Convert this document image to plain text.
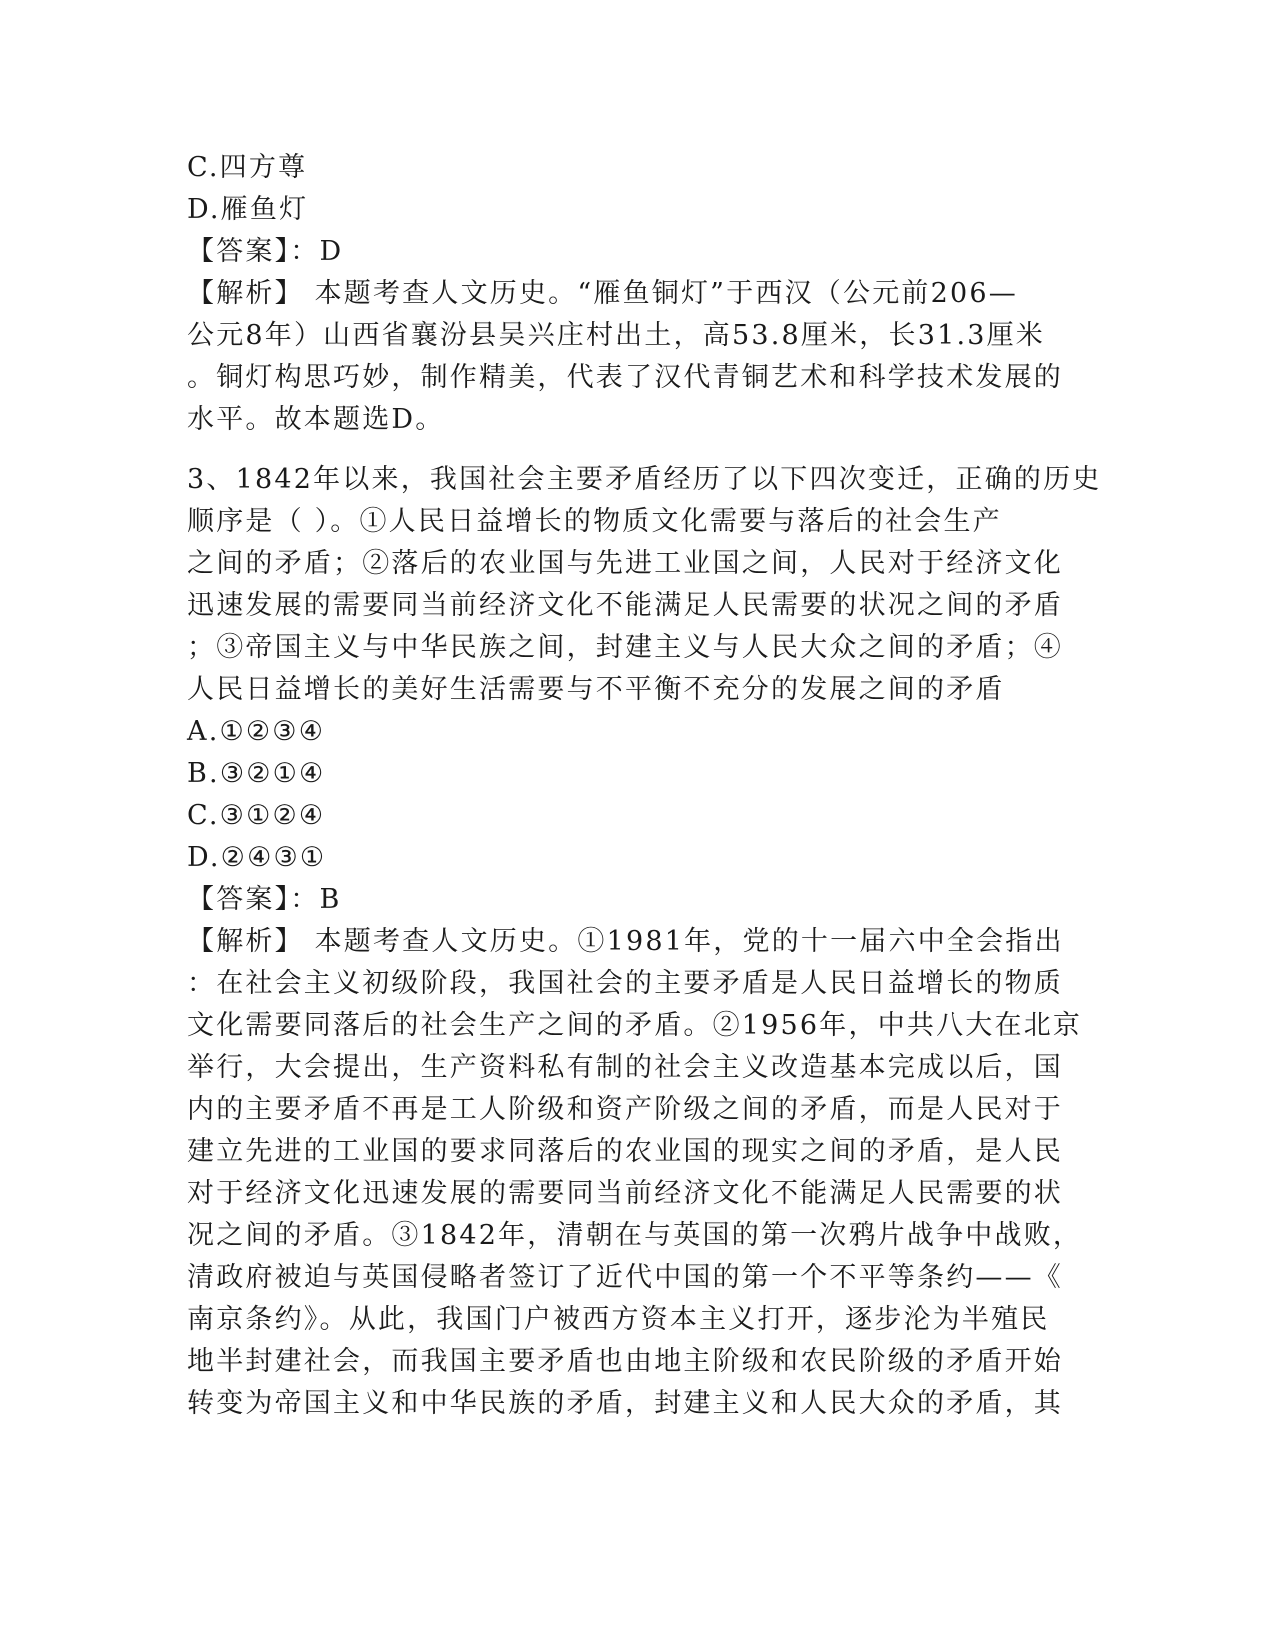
C.四方尊
D.雁鱼灯
【答案】：D
【解析】 本题考查人文历史。“雁鱼铜灯”于西汉（公元前206—
公元8年）山西省襄汾县吴兴庄村出土，高53.8厘米，长31.3厘米
。铜灯构思巧妙，制作精美，代表了汉代青铜艺术和科学技术发展的
水平。故本题选D。
3、1842年以来，我国社会主要矛盾经历了以下四次变迁，正确的历史
顺序是（ ）。①人民日益增长的物质文化需要与落后的社会生产
之间的矛盾；②落后的农业国与先进工业国之间，人民对于经济文化
迅速发展的需要同当前经济文化不能满足人民需要的状况之间的矛盾
；③帝国主义与中华民族之间，封建主义与人民大众之间的矛盾；④
人民日益增长的美好生活需要与不平衡不充分的发展之间的矛盾
A.①②③④
B.③②①④
C.③①②④
D.②④③①
【答案】：B
【解析】 本题考查人文历史。①1981年，党的十一届六中全会指出
：在社会主义初级阶段，我国社会的主要矛盾是人民日益增长的物质
文化需要同落后的社会生产之间的矛盾。②1956年，中共八大在北京
举行，大会提出，生产资料私有制的社会主义改造基本完成以后，国
内的主要矛盾不再是工人阶级和资产阶级之间的矛盾，而是人民对于
建立先进的工业国的要求同落后的农业国的现实之间的矛盾，是人民
对于经济文化迅速发展的需要同当前经济文化不能满足人民需要的状
况之间的矛盾。③1842年，清朝在与英国的第一次鸦片战争中战败，
清政府被迫与英国侵略者签订了近代中国的第一个不平等条约——《
南京条约》。从此，我国门户被西方资本主义打开，逐步沦为半殖民
地半封建社会，而我国主要矛盾也由地主阶级和农民阶级的矛盾开始
转变为帝国主义和中华民族的矛盾，封建主义和人民大众的矛盾，其
